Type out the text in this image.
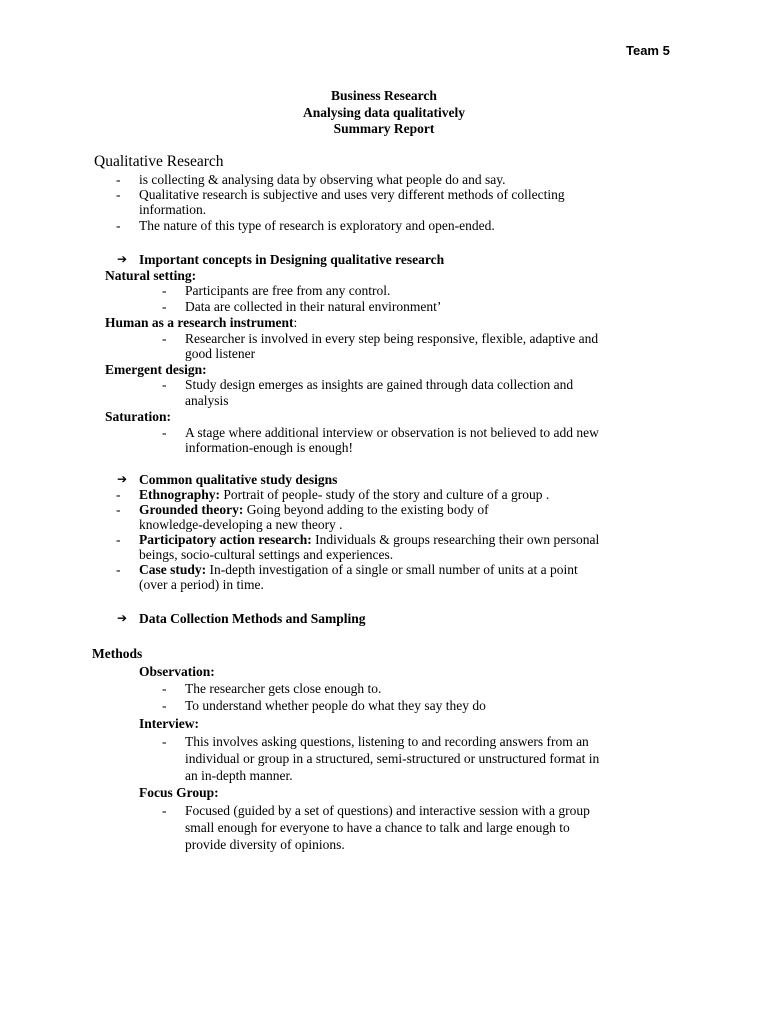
Team 5
Business Research
Analysing data qualitatively
Summary Report
Qualitative Research
- is collecting & analysing data by observing what people do and say.
- Qualitative research is subjective and uses very different methods of collecting
information.
- The nature of this type of research is exploratory and open-ended.
➔ Important concepts in Designing qualitative research
Natural setting:
- Participants are free from any control.
- Data are collected in their natural environment’
Human as a research instrument:
- Researcher is involved in every step being responsive, flexible, adaptive and
good listener
Emergent design:
- Study design emerges as insights are gained through data collection and
analysis
Saturation:
- A stage where additional interview or observation is not believed to add new
information-enough is enough!
➔ Common qualitative study designs
- Ethnography: Portrait of people- study of the story and culture of a group .
- Grounded theory: Going beyond adding to the existing body of
knowledge-developing a new theory .
- Participatory action research: Individuals & groups researching their own personal
beings, socio-cultural settings and experiences.
- Case study: In-depth investigation of a single or small number of units at a point
(over a period) in time.
➔ Data Collection Methods and Sampling
Methods
Observation:
- The researcher gets close enough to.
- To understand whether people do what they say they do
Interview:
- This involves asking questions, listening to and recording answers from an
individual or group in a structured, semi-structured or unstructured format in
an in-depth manner.
Focus Group:
- Focused (guided by a set of questions) and interactive session with a group
small enough for everyone to have a chance to talk and large enough to
provide diversity of opinions.
